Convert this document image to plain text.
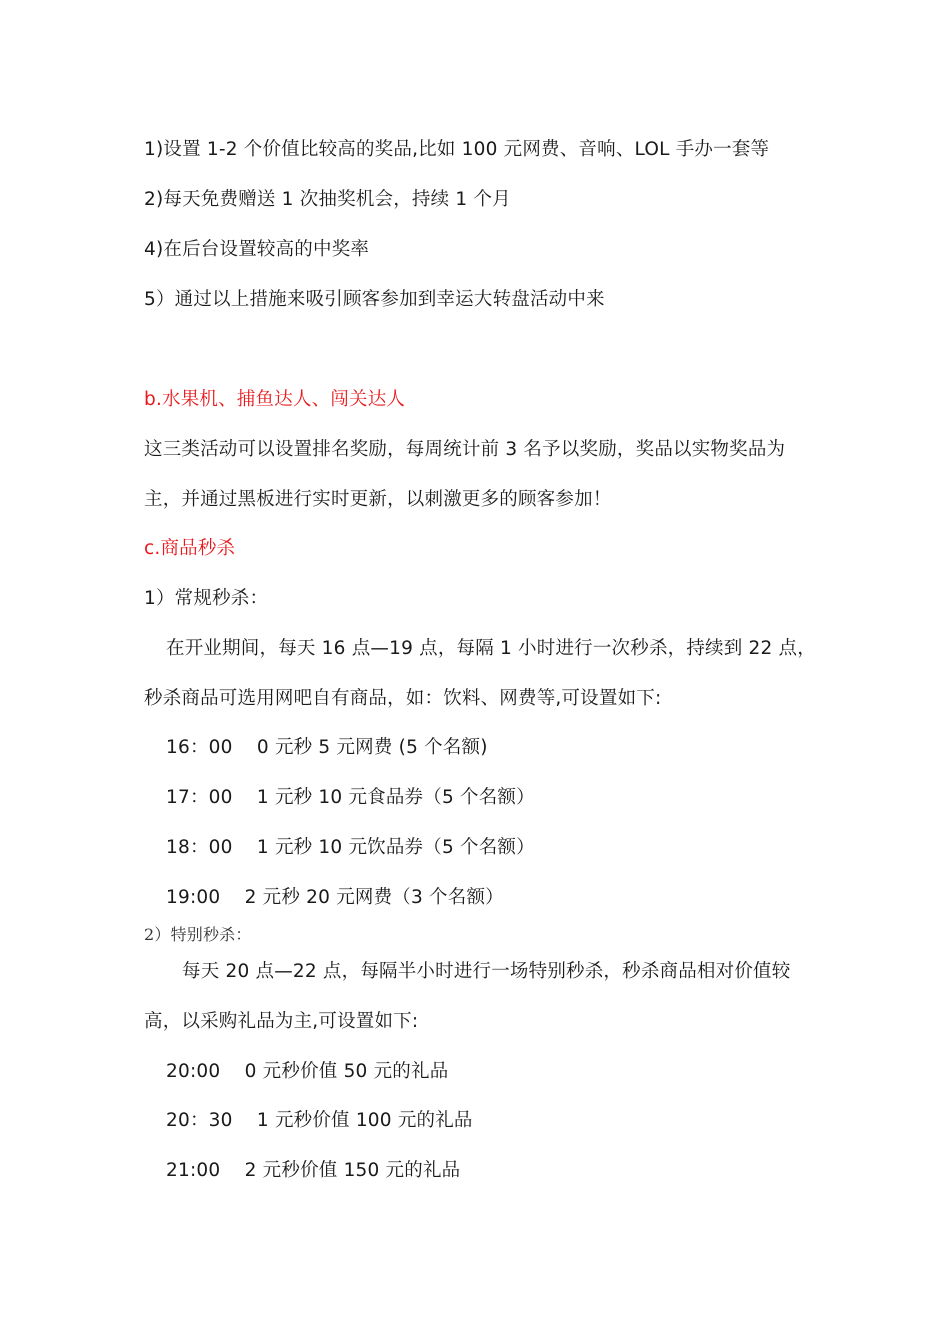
1)设置 1-2 个价值比较高的奖品,比如 100 元网费、音响、LOL 手办一套等
2)每天免费赠送 1 次抽奖机会，持续 1 个月
4)在后台设置较高的中奖率
5）通过以上措施来吸引顾客参加到幸运大转盘活动中来
b.水果机、捕鱼达人、闯关达人
这三类活动可以设置排名奖励，每周统计前 3 名予以奖励，奖品以实物奖品为
主，并通过黑板进行实时更新，以刺激更多的顾客参加！
c.商品秒杀
1）常规秒杀：
在开业期间，每天 16 点—19 点，每隔 1 小时进行一次秒杀，持续到 22 点，
秒杀商品可选用网吧自有商品，如：饮料、网费等,可设置如下:
16：00    0 元秒 5 元网费 (5 个名额)
17：00    1 元秒 10 元食品券（5 个名额）
18：00    1 元秒 10 元饮品券（5 个名额）
19:00    2 元秒 20 元网费（3 个名额）
2）特别秒杀：
每天 20 点—22 点，每隔半小时进行一场特别秒杀，秒杀商品相对价值较
高，以采购礼品为主,可设置如下:
20:00    0 元秒价值 50 元的礼品
20：30    1 元秒价值 100 元的礼品
21:00    2 元秒价值 150 元的礼品
